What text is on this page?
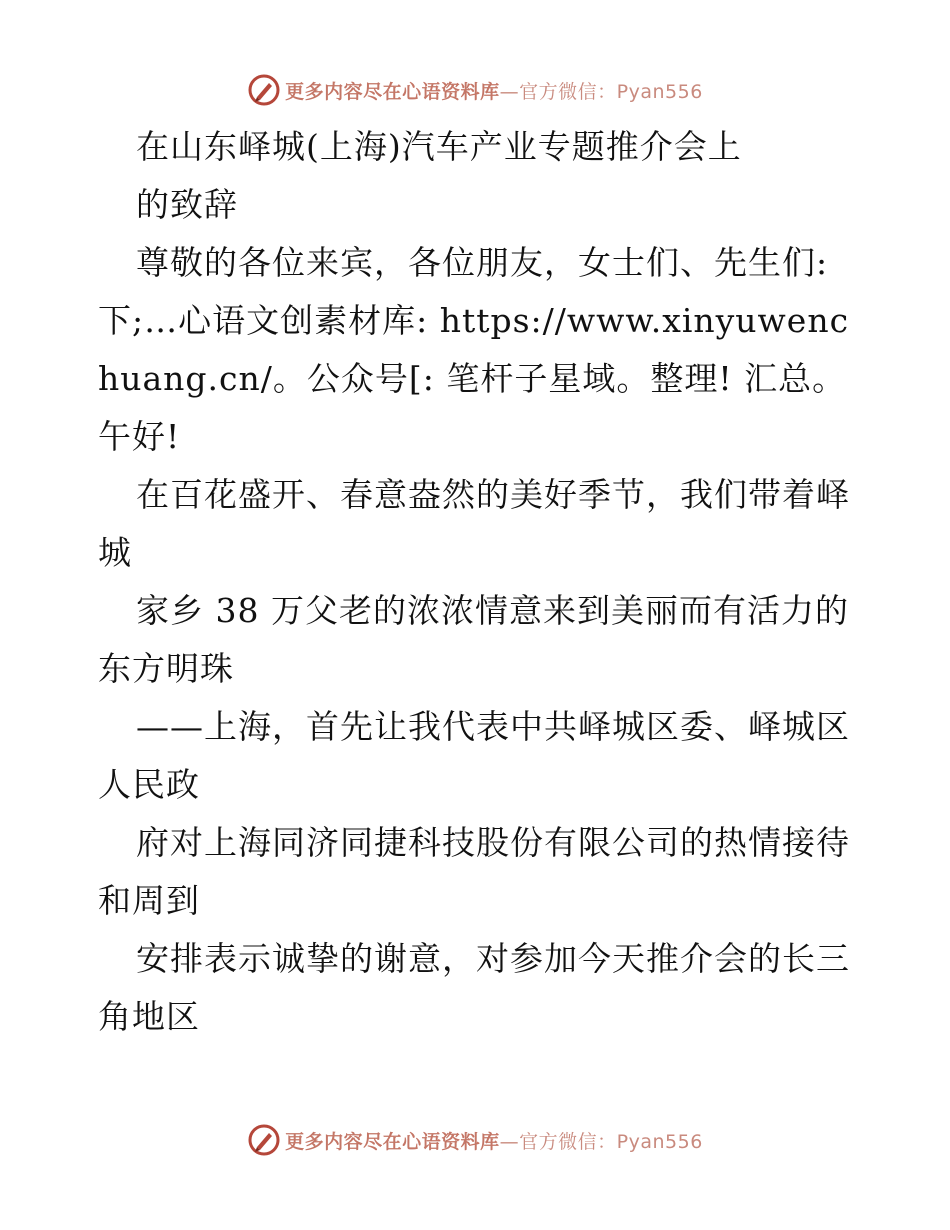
更多内容尽在心语资料库—官方微信：Pyan556

在山东峄城(上海)汽车产业专题推介会上

的致辞

尊敬的各位来宾，各位朋友，女士们、先生们:下;…心语文创素材库: https://www.xinyuwenchuang.cn/。公众号[: 笔杆子星域。整理! 汇总。午好!

在百花盛开、春意盎然的美好季节，我们带着峄城

家乡 38 万父老的浓浓情意来到美丽而有活力的东方明珠

——上海，首先让我代表中共峄城区委、峄城区人民政

府对上海同济同捷科技股份有限公司的热情接待和周到

安排表示诚挚的谢意，对参加今天推介会的长三角地区

更多内容尽在心语资料库—官方微信：Pyan556
